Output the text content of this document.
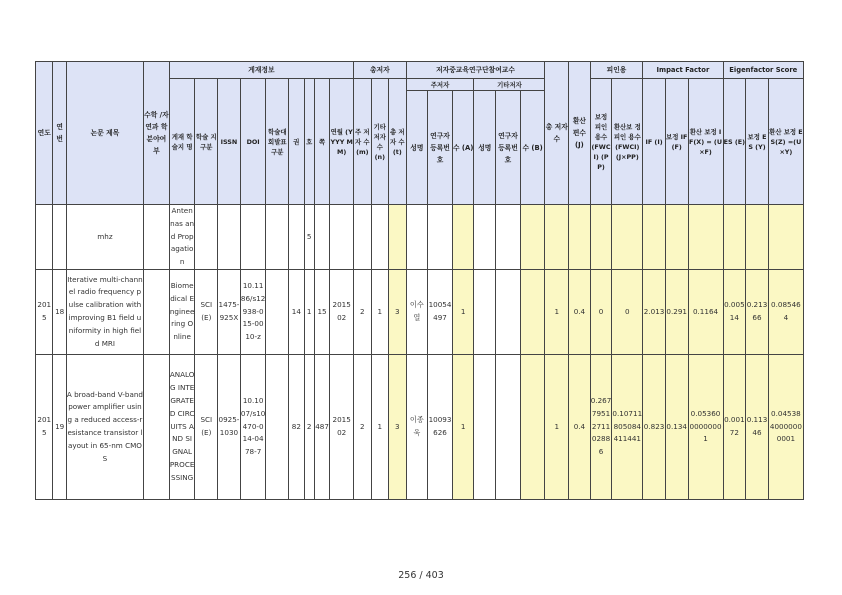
연도	연번	논문 제목	수학 /자연과 학 분야여부	게재정보									총저자			저자중교육연구단참여교수						총 저자 수	환산 편수 (J)	피인용		Impact Factor			Eigenfactor Score		
				게재 학술지 명	학술 지 구분	ISSN	DOI	학술대 회발표 구분	권	호	쪽	연월 (YYYY MM)	주 저자 수 (m)	기타 저자 수 (n)	총 저자 수 (t)	주저자			기타저자					보정 피인 용수 (FWC I) (PP)	환산보 정피인 용수 (FWCI) (J×PP)	IF (I)	보정 IF (F)	환산 보정 IF(X) = (U×F)	ES (E)	보정 ES (Y)	환산 보정 ES(Z) =(U×Y)
																성명	연구자 등록번 호	수 (A)	성명	연구자 등록번 호	수 (B)										
		mhz		Antennas and Propagation						5																					
2015	18	Iterative multi-channel radio frequency pulse calibration with improving B1 field uniformity in high field MRI		Biomedical Engineering Online	SCI(E)	1475-925X	10.1186/s12938-015-0010-z		14	1	15	2015 02	2	1	3	이수열	10054497	1				1	0.4	0	0	2.013	0.291	0.1164	0.00514	0.21366	0.085464
2015	19	A broad-band V-band power amplifier using a reduced access-resistance transistor layout in 65-nm CMOS		ANALOG INTEGRATED CIRCUITS AND SIGNAL PROCESSING	SCI(E)	0925-1030	10.1007/s10470-014-0478-7		82	2	487	2015 02	2	1	3	이종욱	10093626	1				1	0.4	0.2677951271102886	0.10711805084411441	0.823	0.134	0.0536000000001	0.00172	0.11346	0.0453840000000001
256 / 403
